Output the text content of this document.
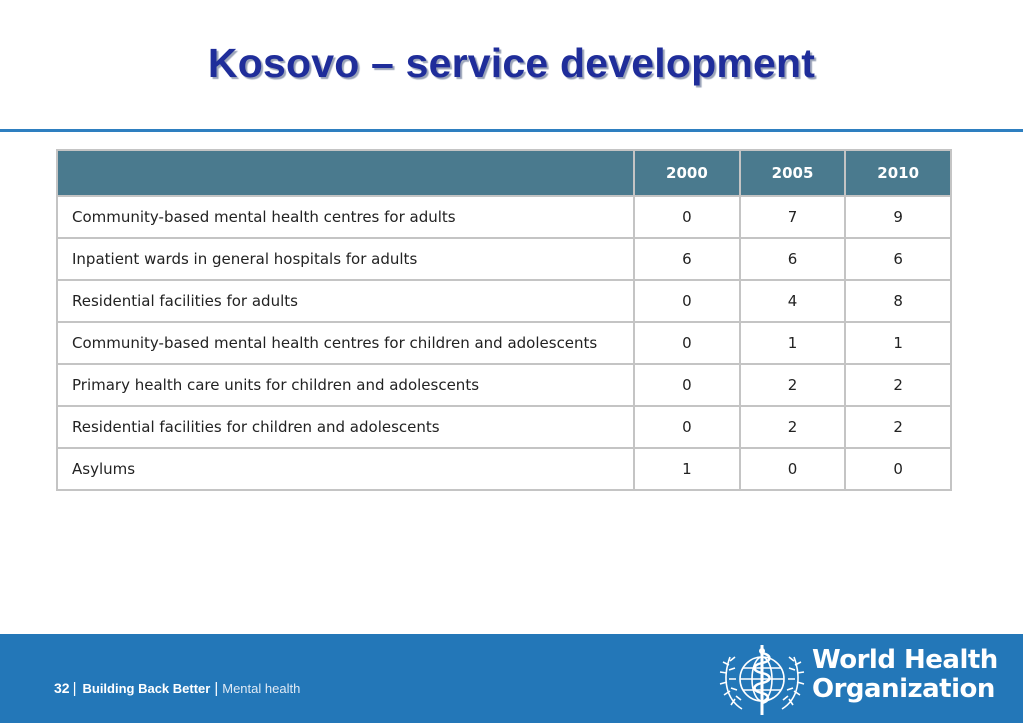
Kosovo – service development
	2000	2005	2010
Community-based mental health centres for adults	0	7	9
Inpatient wards in general hospitals for adults	6	6	6
Residential facilities for adults	0	4	8
Community-based mental health centres for children and adolescents	0	1	1
Primary health care units for children and adolescents	0	2	2
Residential facilities for children and adolescents	0	2	2
Asylums	1	0	0
32 | Building Back Better | Mental health
World Health
Organization
